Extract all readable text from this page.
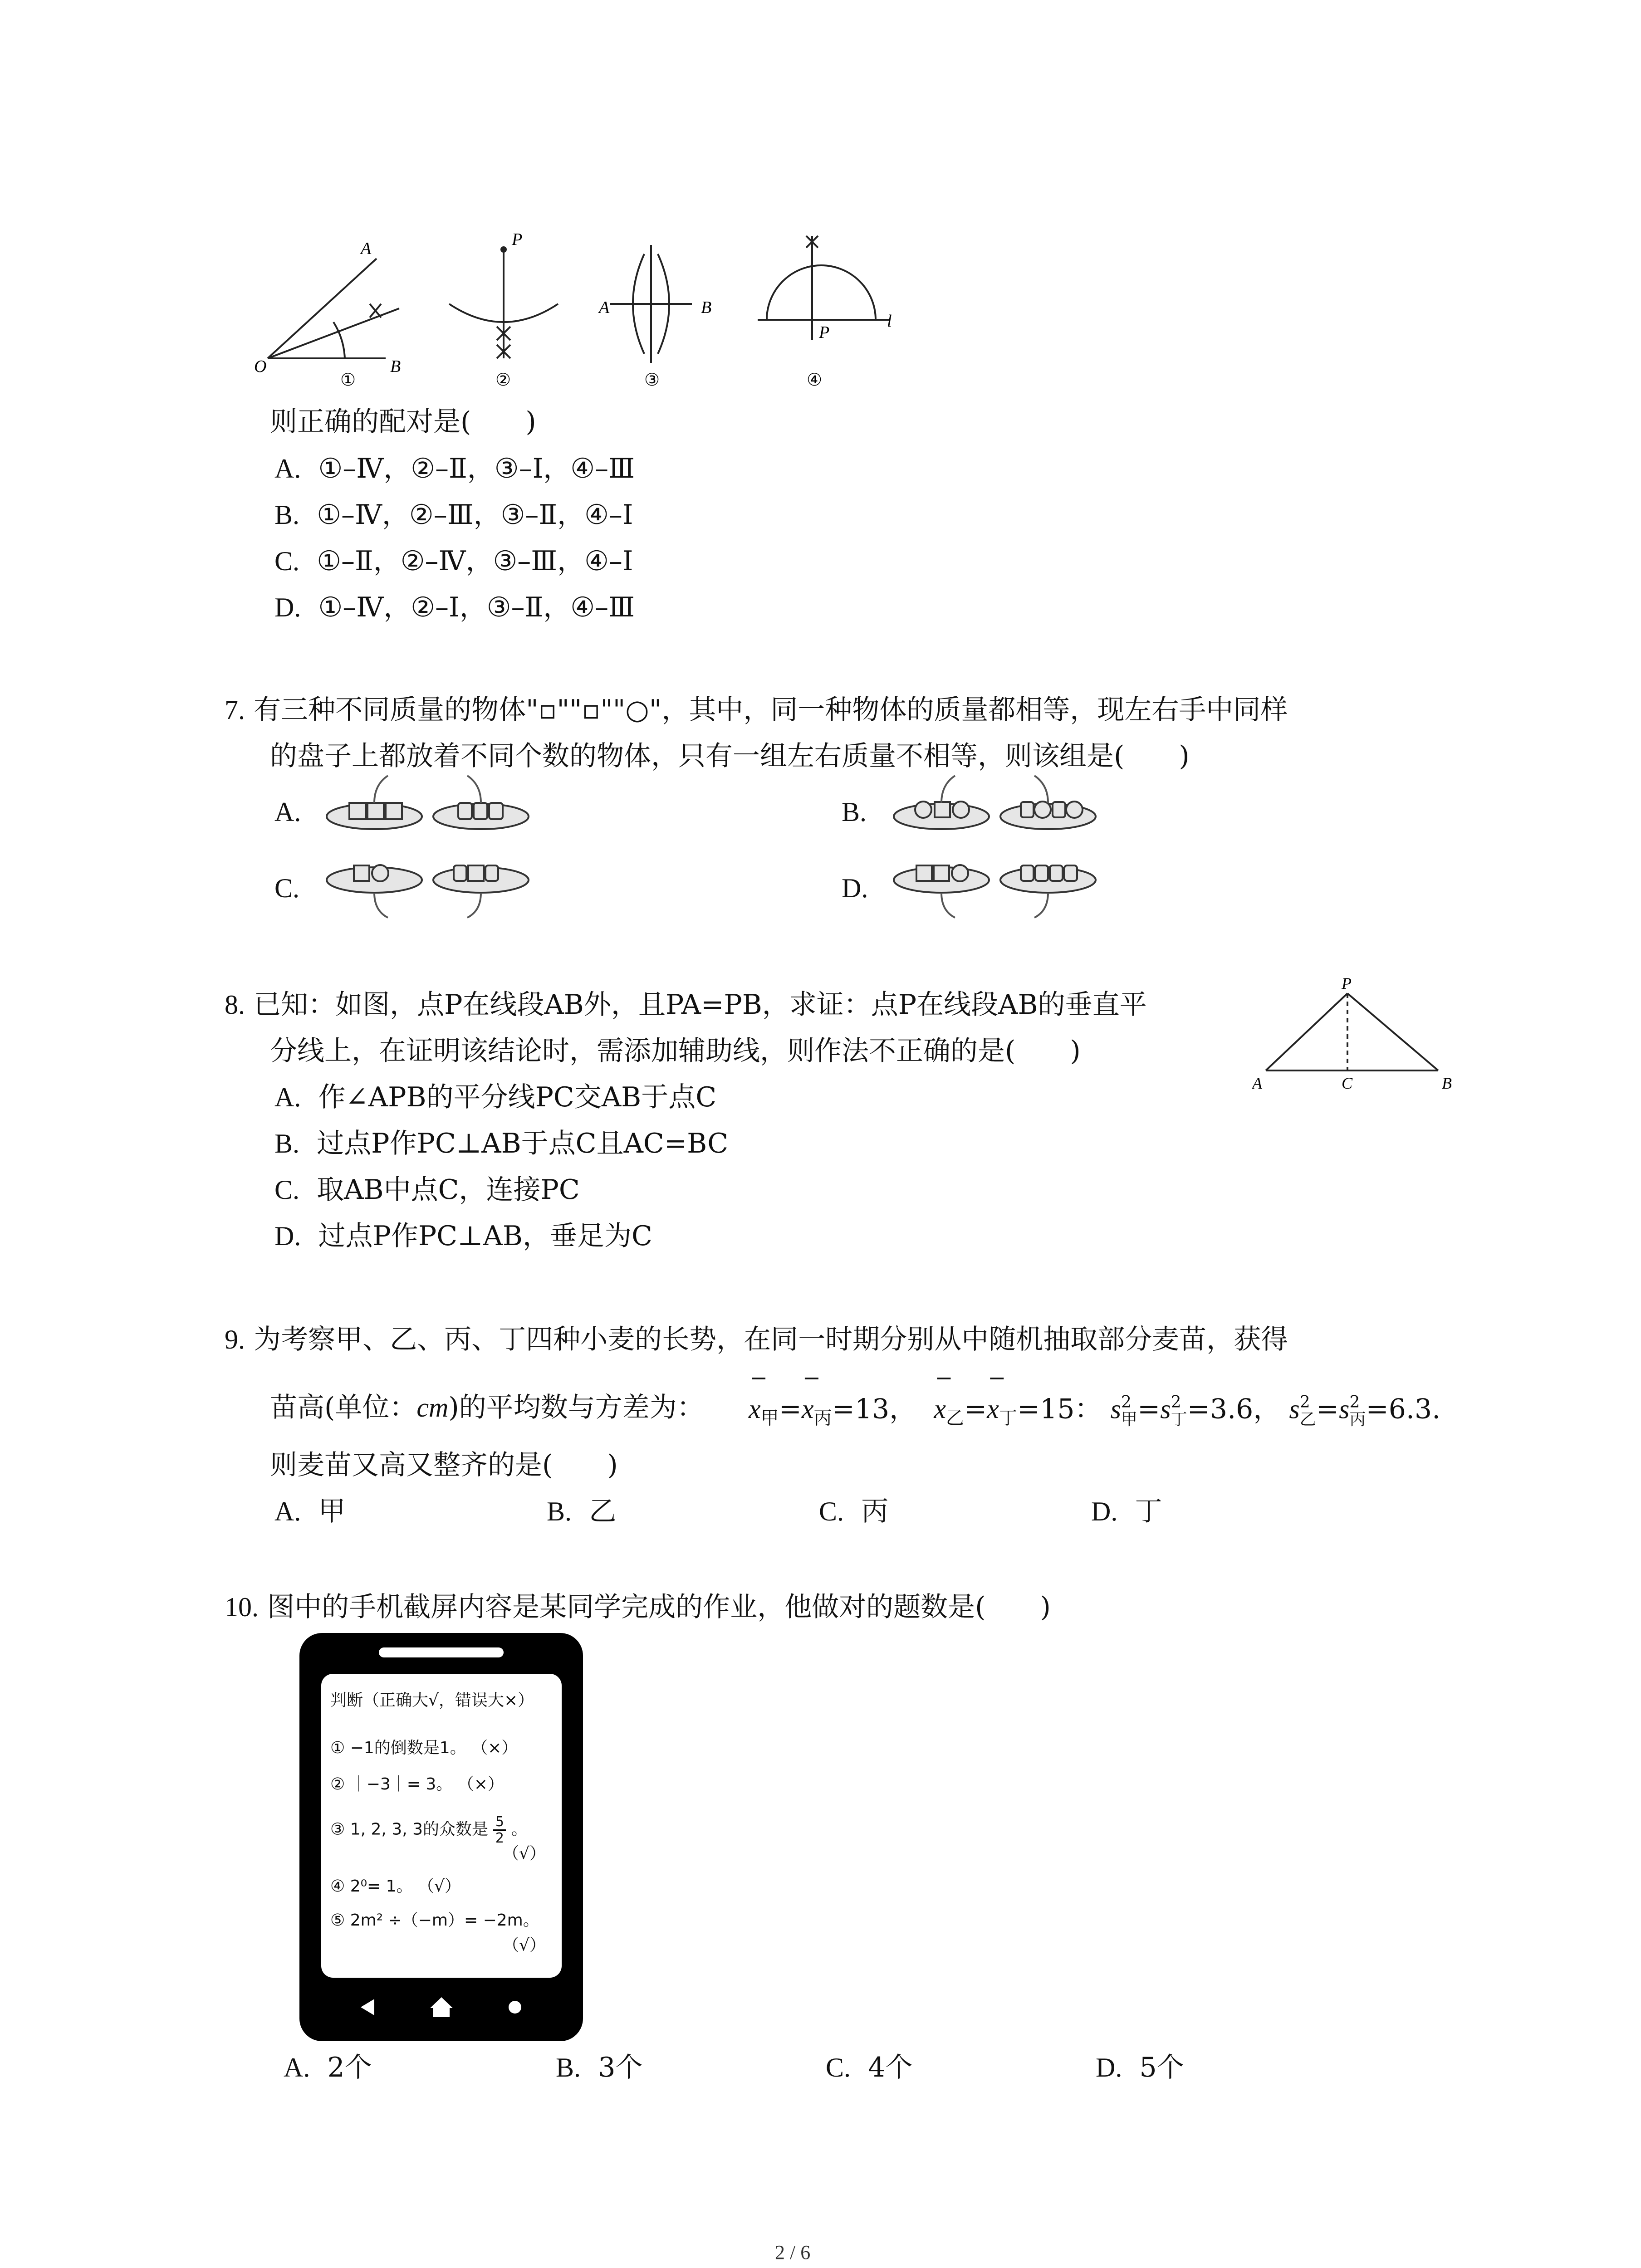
A
O	B
①
P
②
A	B
③
P
l
④
则正确的配对是(　　)
A. ①–Ⅳ，②–Ⅱ，③–Ⅰ，④–Ⅲ
B. ①–Ⅳ，②–Ⅲ，③–Ⅱ，④–Ⅰ
C. ①–Ⅱ，②–Ⅳ，③–Ⅲ，④–Ⅰ
D. ①–Ⅳ，②–Ⅰ，③–Ⅱ，④–Ⅲ
7. 有三种不同质量的物体"▫""▫""○"，其中，同一种物体的质量都相等，现左右手中同样
的盘子上都放着不同个数的物体，只有一组左右质量不相等，则该组是(　　)
A.	B.
C.	D.
8. 已知：如图，点P在线段AB外，且PA=PB，求证：点P在线段AB的垂直平
分线上，在证明该结论时，需添加辅助线，则作法不正确的是(　　)
A. 作∠APB的平分线PC交AB于点C
B. 过点P作PC⊥AB于点C且AC=BC
C. 取AB中点C，连接PC
D. 过点P作PC⊥AB，垂足为C
P
A	C	B
9. 为考察甲、乙、丙、丁四种小麦的长势，在同一时期分别从中随机抽取部分麦苗，获得
苗高(单位：cm)的平均数与方差为：
−
$x_甲=$
−
$x_丙=13$，
−
$x_乙=$
−
$x_丁=15$： s 2
甲 =s 2
丁 =3.6， s 2
乙 =s 2
丙 =6.3.
则麦苗又高又整齐的是(　　)
A. 甲	B. 乙	C. 丙	D. 丁
10. 图中的手机截屏内容是某同学完成的作业，他做对的题数是(　　)
判断（正确大√，错误大×）
① −1的倒数是1。 （×）
② ｜−3｜= 3。 （×）
③ 1, 2, 3, 3的众数是 $\frac{5}{2}$ 。
（√）
④ 2⁰= 1。 （√）
⑤ 2m² ÷（−m）= −2m。
（√）
A. 2个	B. 3个	C. 4个	D. 5个
2 / 6
